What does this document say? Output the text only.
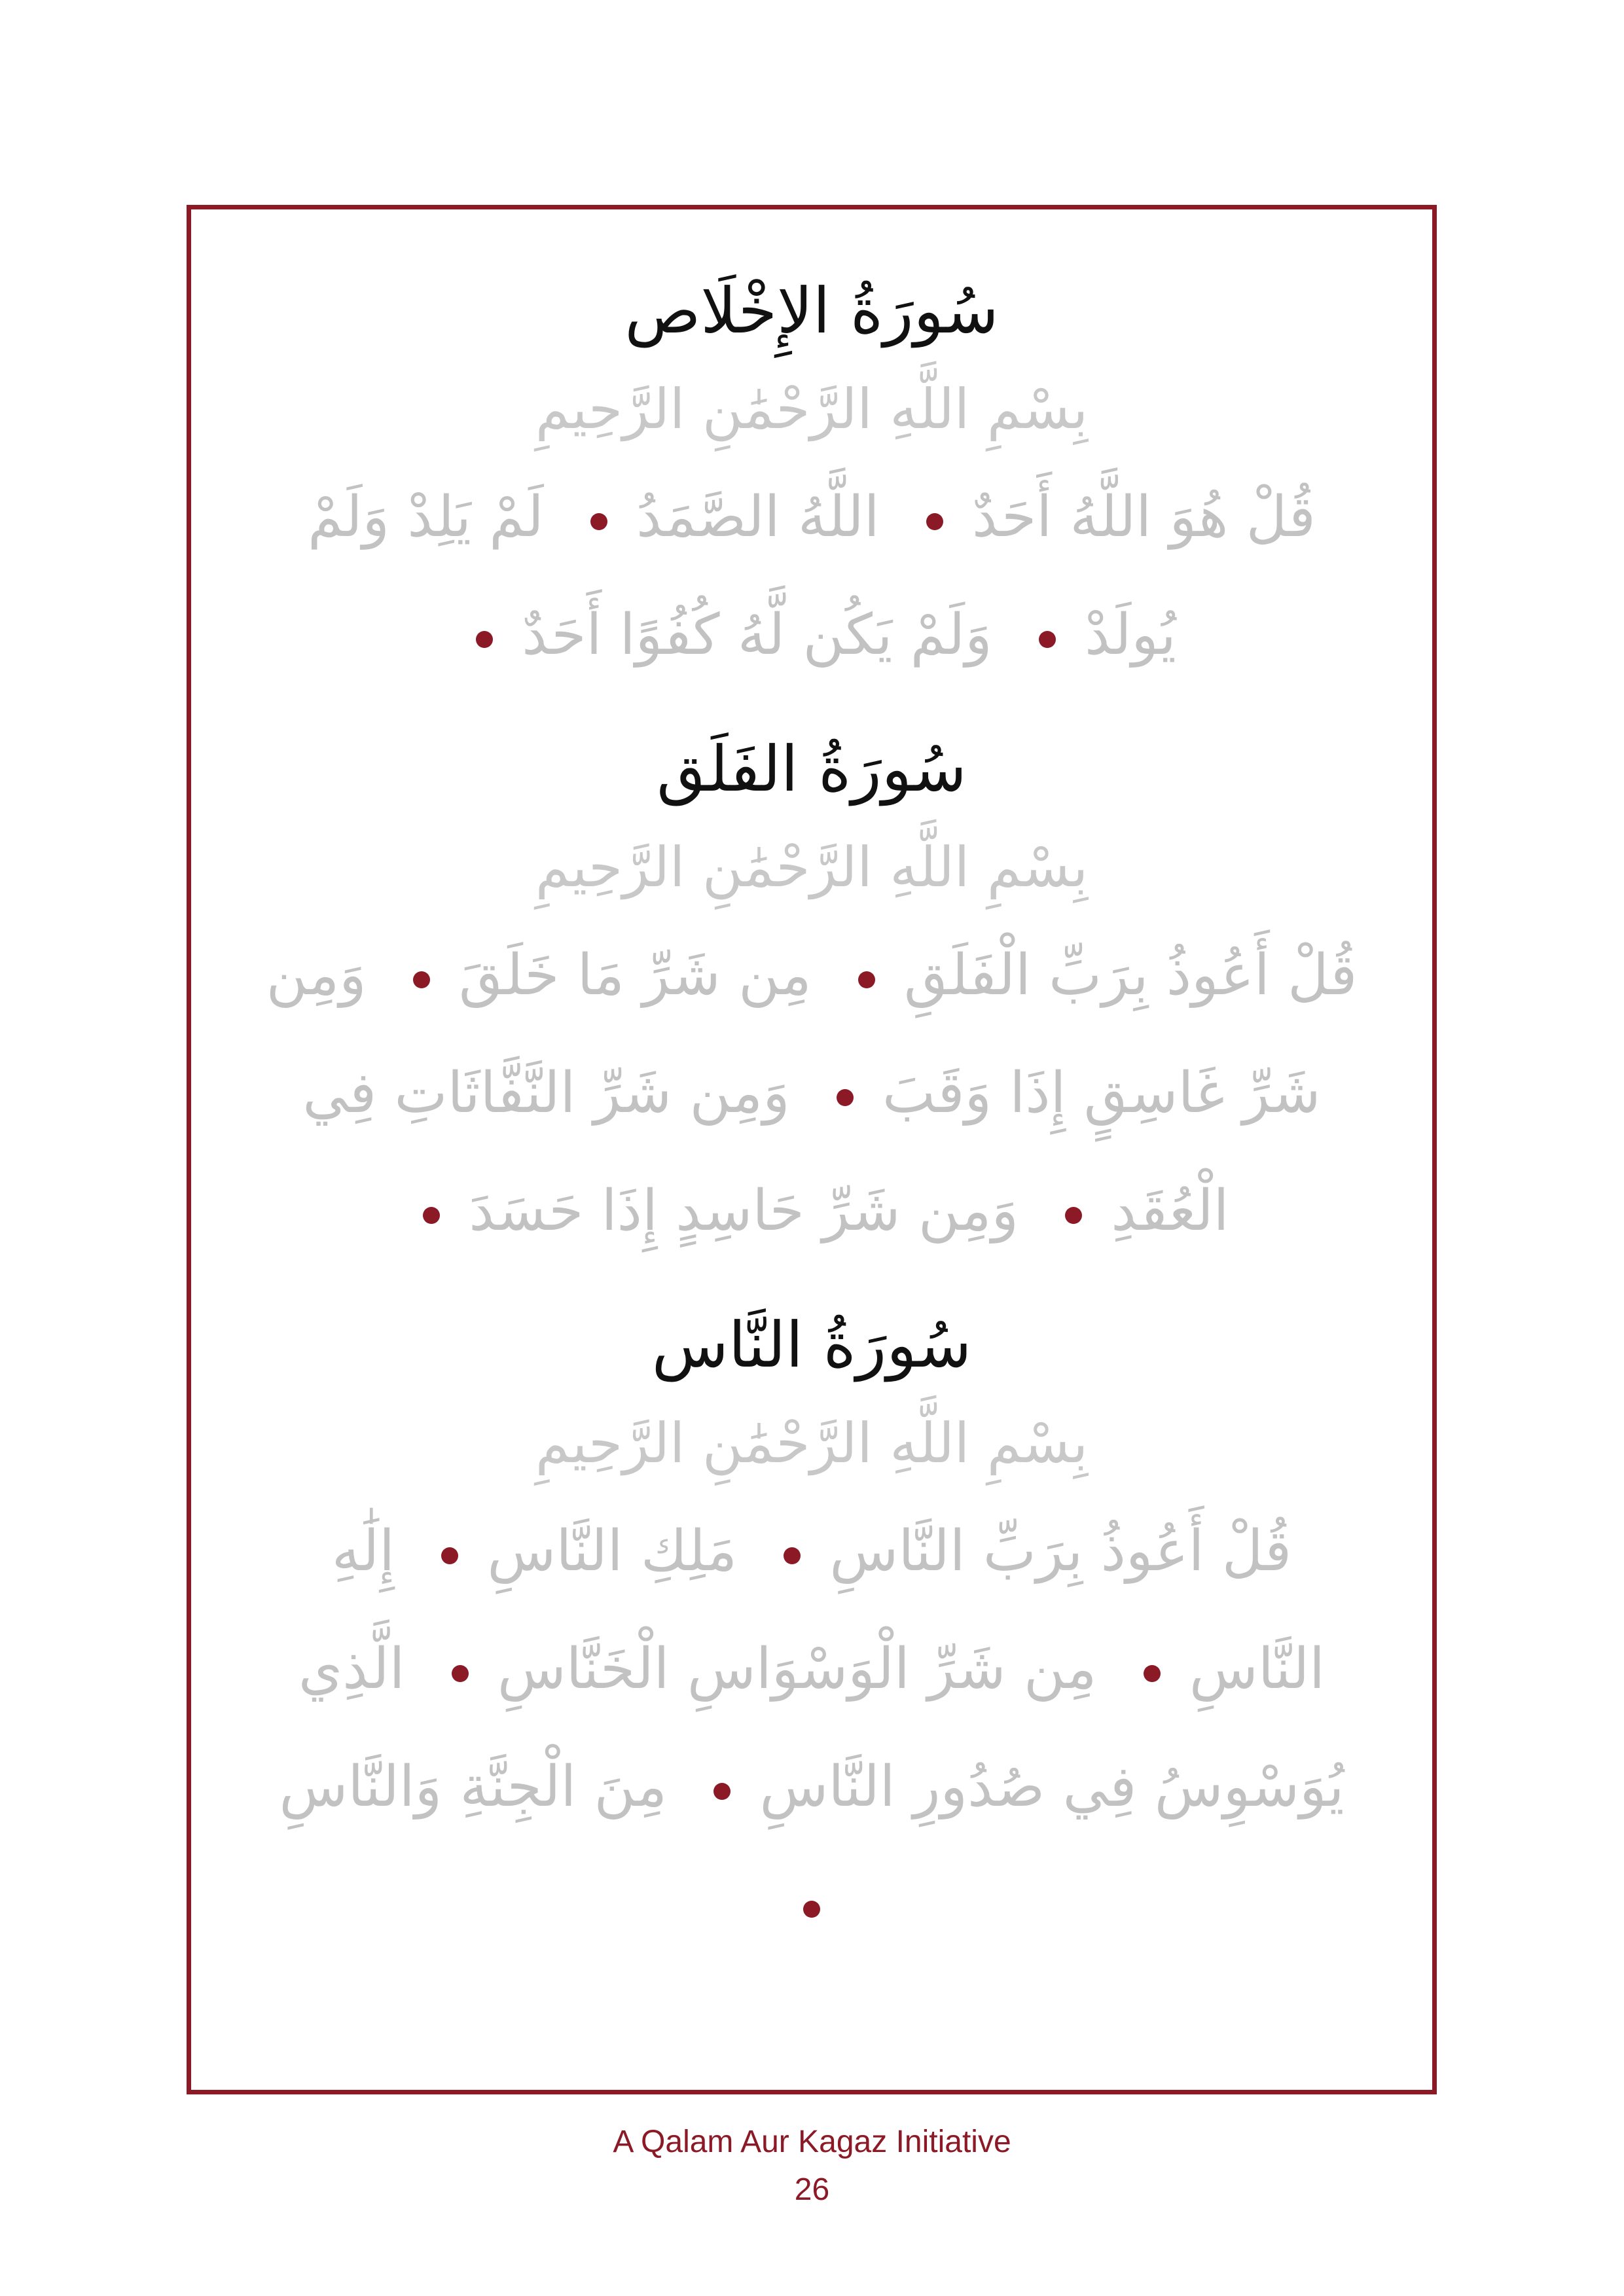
سُورَةُ الإِخْلَاص
بِسْمِ اللَّهِ الرَّحْمَٰنِ الرَّحِيمِ
قُلْ هُوَ اللَّهُ أَحَدٌ اللَّهُ الصَّمَدُ لَمْ يَلِدْ وَلَمْ يُولَدْ وَلَمْ يَكُن لَّهُ كُفُوًا أَحَدٌ
سُورَةُ الفَلَق
بِسْمِ اللَّهِ الرَّحْمَٰنِ الرَّحِيمِ
قُلْ أَعُوذُ بِرَبِّ الْفَلَقِ مِن شَرِّ مَا خَلَقَ وَمِن شَرِّ غَاسِقٍ إِذَا وَقَبَ وَمِن شَرِّ النَّفَّاثَاتِ فِي الْعُقَدِ وَمِن شَرِّ حَاسِدٍ إِذَا حَسَدَ
سُورَةُ النَّاس
بِسْمِ اللَّهِ الرَّحْمَٰنِ الرَّحِيمِ
قُلْ أَعُوذُ بِرَبِّ النَّاسِ مَلِكِ النَّاسِ إِلَٰهِ النَّاسِ مِن شَرِّ الْوَسْوَاسِ الْخَنَّاسِ الَّذِي يُوَسْوِسُ فِي صُدُورِ النَّاسِ مِنَ الْجِنَّةِ وَالنَّاسِ
A Qalam Aur Kagaz Initiative
26
